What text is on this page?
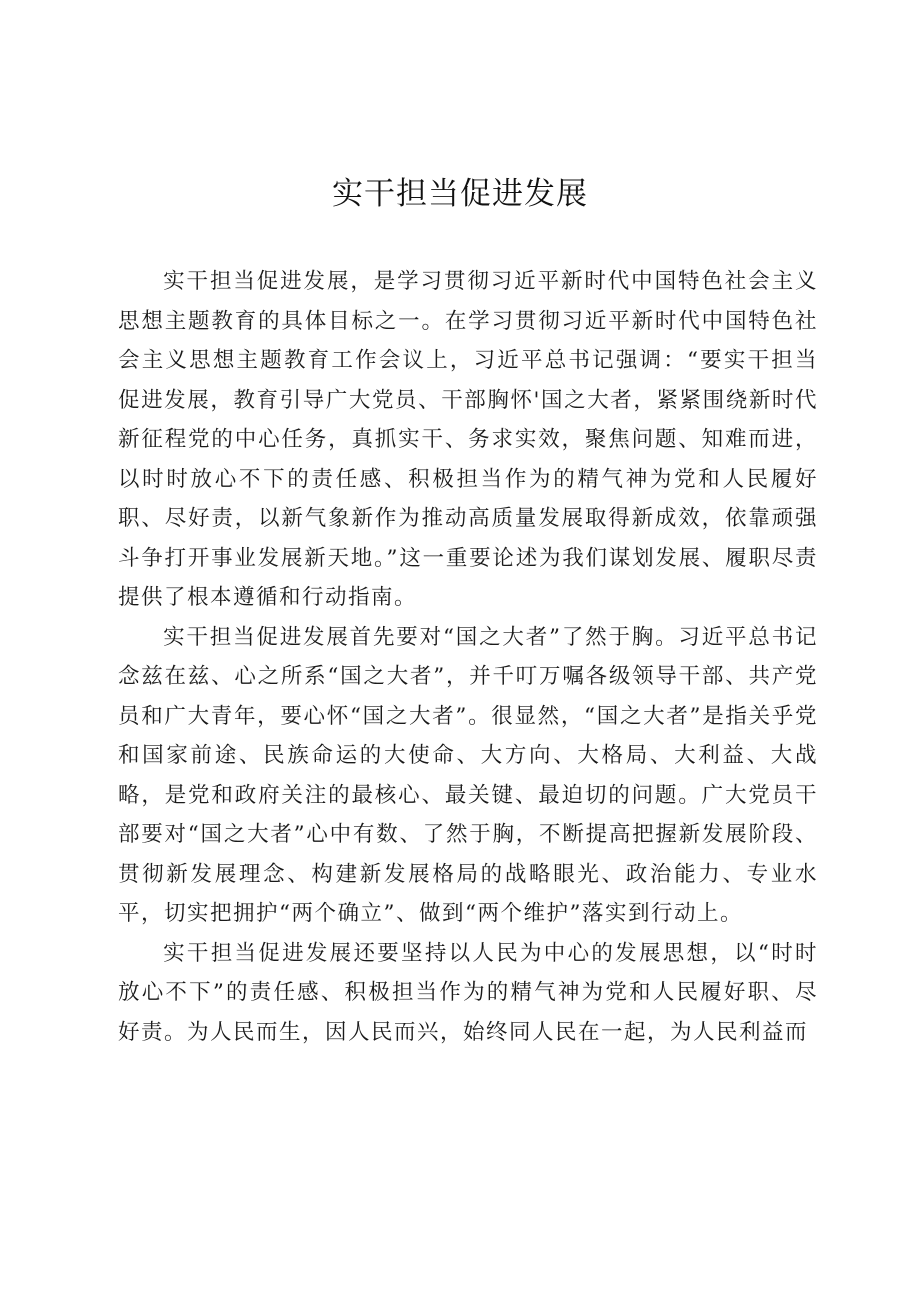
实干担当促进发展

实干担当促进发展，是学习贯彻习近平新时代中国特色社会主义思想主题教育的具体目标之一。在学习贯彻习近平新时代中国特色社会主义思想主题教育工作会议上，习近平总书记强调：“要实干担当促进发展，教育引导广大党员、干部胸怀'国之大者，紧紧围绕新时代新征程党的中心任务，真抓实干、务求实效，聚焦问题、知难而进，以时时放心不下的责任感、积极担当作为的精气神为党和人民履好职、尽好责，以新气象新作为推动高质量发展取得新成效，依靠顽强斗争打开事业发展新天地。”这一重要论述为我们谋划发展、履职尽责提供了根本遵循和行动指南。

实干担当促进发展首先要对“国之大者”了然于胸。习近平总书记念兹在兹、心之所系“国之大者”，并千叮万嘱各级领导干部、共产党员和广大青年，要心怀“国之大者”。很显然，“国之大者”是指关乎党和国家前途、民族命运的大使命、大方向、大格局、大利益、大战略，是党和政府关注的最核心、最关键、最迫切的问题。广大党员干部要对“国之大者”心中有数、了然于胸，不断提高把握新发展阶段、贯彻新发展理念、构建新发展格局的战略眼光、政治能力、专业水平，切实把拥护“两个确立”、做到“两个维护”落实到行动上。

实干担当促进发展还要坚持以人民为中心的发展思想，以“时时放心不下”的责任感、积极担当作为的精气神为党和人民履好职、尽好责。为人民而生，因人民而兴，始终同人民在一起，为人民利益而
